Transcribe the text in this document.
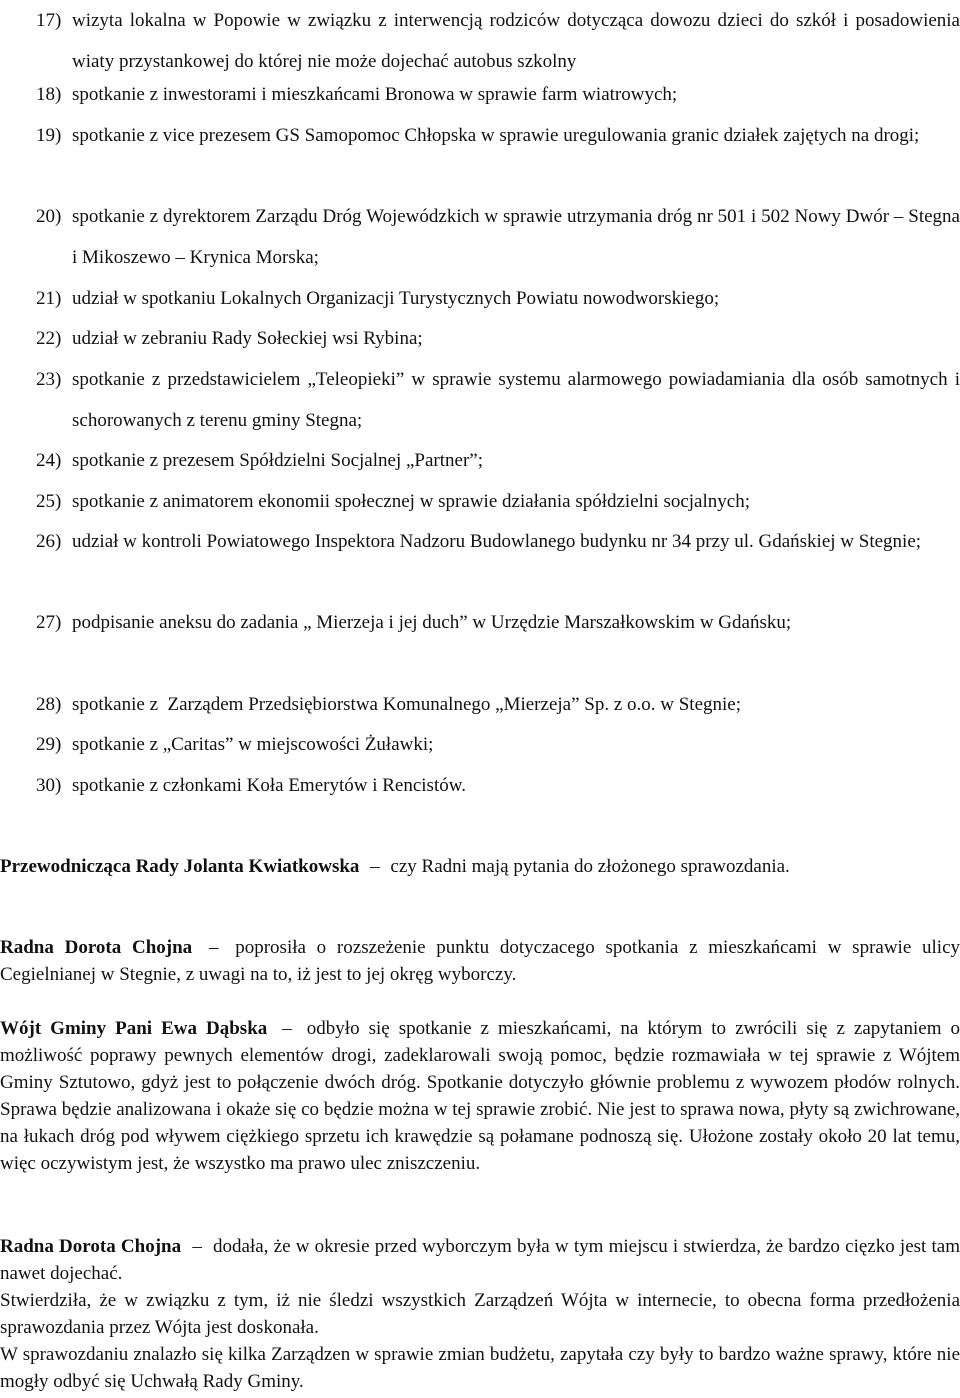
17) wizyta lokalna w Popowie w związku z interwencją rodziców dotycząca dowozu dzieci do szkół i posadowienia wiaty przystankowej do której nie może dojechać autobus szkolny
18) spotkanie z inwestorami i mieszkańcami Bronowa w sprawie farm wiatrowych;
19) spotkanie z vice prezesem GS Samopomoc Chłopska w sprawie uregulowania granic działek zajętych na drogi;
20) spotkanie z dyrektorem Zarządu Dróg Wojewódzkich w sprawie utrzymania dróg nr 501 i 502 Nowy Dwór – Stegna i Mikoszewo – Krynica Morska;
21) udział w spotkaniu Lokalnych Organizacji Turystycznych Powiatu nowodworskiego;
22) udział w zebraniu Rady Sołeckiej wsi Rybina;
23) spotkanie z przedstawicielem „Teleopieki” w sprawie systemu alarmowego powiadamiania dla osób samotnych i schorowanych z terenu gminy Stegna;
24) spotkanie z prezesem Spółdzielni Socjalnej „Partner”;
25) spotkanie z animatorem ekonomii społecznej w sprawie działania spółdzielni socjalnych;
26) udział w kontroli Powiatowego Inspektora Nadzoru Budowlanego budynku nr 34 przy ul. Gdańskiej w Stegnie;
27) podpisanie aneksu do zadania „ Mierzeja i jej duch” w Urzędzie Marszałkowskim w Gdańsku;
28) spotkanie z  Zarządem Przedsiębiorstwa Komunalnego „Mierzeja” Sp. z o.o. w Stegnie;
29) spotkanie z „Caritas” w miejscowości Żuławki;
30) spotkanie z członkami Koła Emerytów i Rencistów.

Przewodnicząca Rady Jolanta Kwiatkowska – czy Radni mają pytania do złożonego sprawozdania.

Radna Dorota Chojna – poprosiła o rozszeżenie punktu dotyczacego spotkania z mieszkańcami w sprawie ulicy Cegielnianej w Stegnie, z uwagi na to, iż jest to jej okręg wyborczy.

Wójt Gminy Pani Ewa Dąbska – odbyło się spotkanie z mieszkańcami, na którym to zwrócili się z zapytaniem o możliwość poprawy pewnych elementów drogi, zadeklarowali swoją pomoc, będzie rozmawiała w tej sprawie z Wójtem Gminy Sztutowo, gdyż jest to połączenie dwóch dróg. Spotkanie dotyczyło głównie problemu z wywozem płodów rolnych. Sprawa będzie analizowana i okaże się co będzie można w tej sprawie zrobić. Nie jest to sprawa nowa, płyty są zwichrowane, na łukach dróg pod wływem ciężkiego sprzetu ich krawędzie są połamane podnoszą się. Ułożone zostały około 20 lat temu, więc oczywistym jest, że wszystko ma prawo ulec zniszczeniu.

Radna Dorota Chojna – dodała, że w okresie przed wyborczym była w tym miejscu i stwierdza, że bardzo cięzko jest tam nawet dojechać.

Stwierdziła, że w związku z tym, iż nie śledzi wszystkich Zarządzeń Wójta w internecie, to obecna forma przedłożenia sprawozdania przez Wójta jest doskonała.

W sprawozdaniu znalazło się kilka Zarządzen w sprawie zmian budżetu, zapytała czy były to bardzo ważne sprawy, które nie mogły odbyć się Uchwałą Rady Gminy.
